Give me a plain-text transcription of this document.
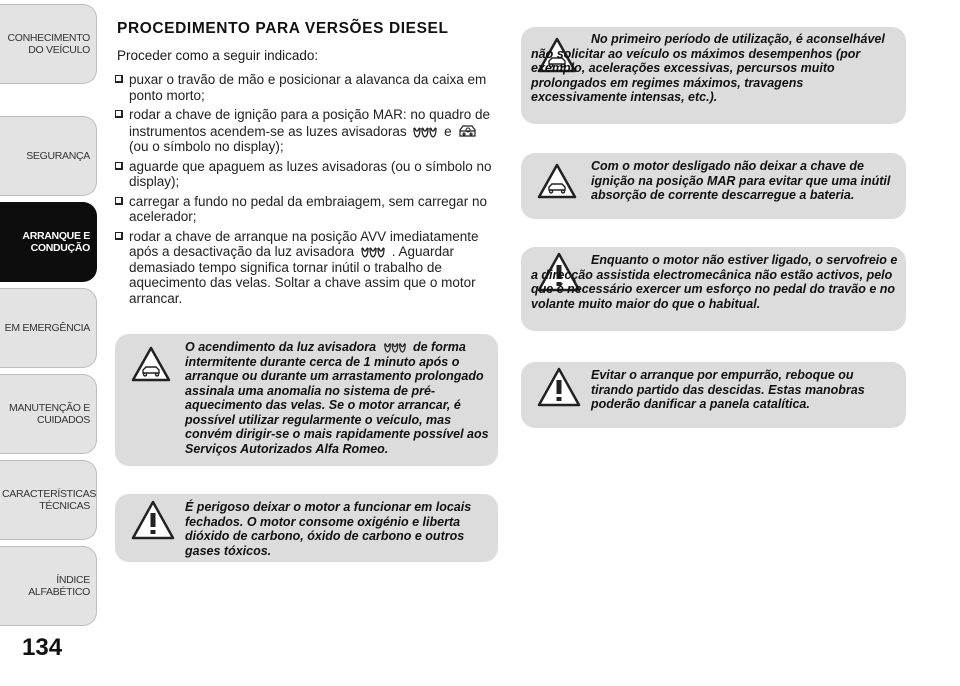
CONHECIMENTO DO VEÍCULO
SEGURANÇA
ARRANQUE E CONDUÇÃO
EM EMERGÊNCIA
MANUTENÇÃO E CUIDADOS
CARACTERÍSTICAS TÉCNICAS
ÍNDICE ALFABÉTICO
134
PROCEDIMENTO PARA VERSÕES DIESEL
Proceder como a seguir indicado:
puxar o travão de mão e posicionar a alavanca da caixa em ponto morto;
rodar a chave de ignição para a posição MAR: no quadro de instrumentos acendem-se as luzes avisadoras	e  (ou o símbolo no display);
aguarde que apaguem as luzes avisadoras (ou o símbolo no display);
carregar a fundo no pedal da embraiagem, sem carregar no acelerador;
rodar a chave de arranque na posição AVV imediatamente após a desactivação da luz avisadora	. Aguardar demasiado tempo significa tornar inútil o trabalho de aquecimento das velas. Soltar a chave assim que o motor arrancar.

O acendimento da luz avisadora	de forma intermitente durante cerca de 1 minuto após o arranque ou durante um arrastamento prolongado assinala uma anomalia no sistema de pré-aquecimento das velas. Se o motor arrancar, é possível utilizar regularmente o veículo, mas convém dirigir-se o mais rapidamente possível aos Serviços Autorizados Alfa Romeo.

É perigoso deixar o motor a funcionar em locais fechados. O motor consome oxigénio e liberta dióxido de carbono, óxido de carbono e outros gases tóxicos.

No primeiro período de utilização, é aconselhável não solicitar ao veículo os máximos desempenhos (por exemplo, acelerações excessivas, percursos muito prolongados em regimes máximos, travagens excessivamente intensas, etc.).

Com o motor desligado não deixar a chave de ignição na posição MAR para evitar que uma inútil absorção de corrente descarregue a bateria.

Enquanto o motor não estiver ligado, o servofreio e a direcção assistida electromecânica não estão activos, pelo que é necessário exercer um esforço no pedal do travão e no volante muito maior do que o habitual.

Evitar o arranque por empurrão, reboque ou tirando partido das descidas. Estas manobras poderão danificar a panela catalítica.
